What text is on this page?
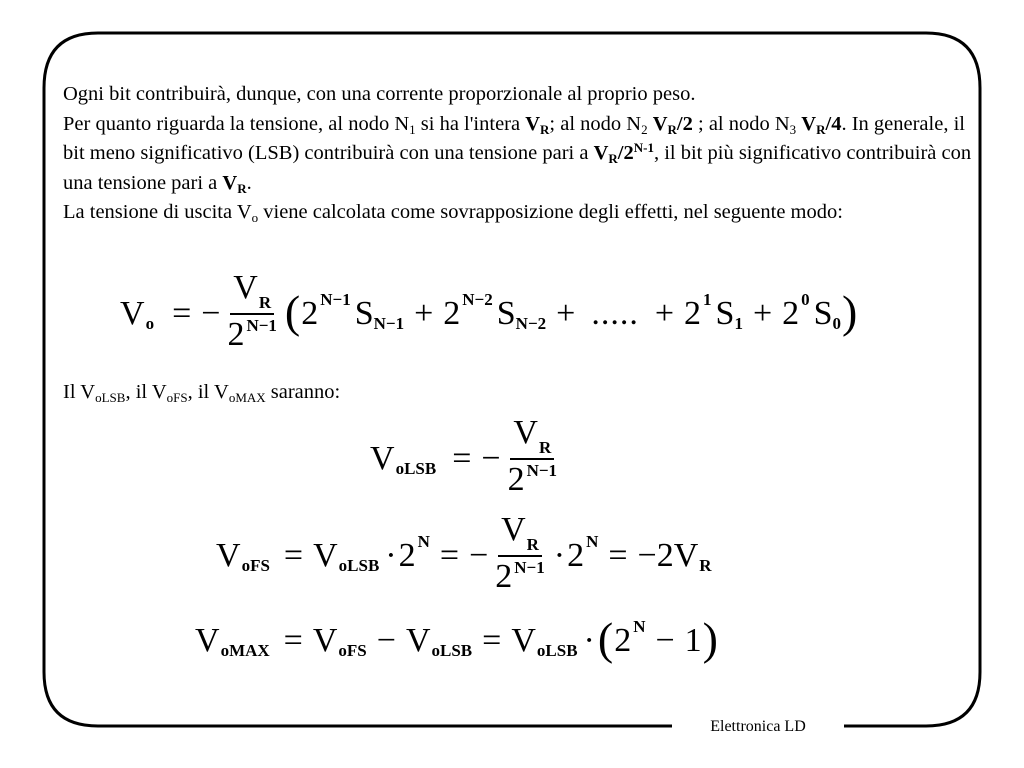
Elettronica LD

Ogni bit contribuirà, dunque, con una corrente proporzionale al proprio peso.

Per quanto riguarda la tensione, al nodo $N_1$ si ha l'intera $V_R$; al nodo $N_2$ $V_R/2$ ; al nodo $N_3$ $V_R/4$. In generale, il bit meno significativo (LSB) contribuirà con una tensione pari a $V_R/2^{N-1}$, il bit più significativo contribuirà con una tensione pari a $V_R$.

La tensione di uscita $V_o$ viene calcolata come sovrapposizione degli effetti, nel seguente modo:

V o = − $\frac{V_R}{2 ^{N-1}}$ ( 2 N−1 S N−1 + 2 N−2 S N−2 + ..... + 2 1 S 1 + 2 0 S 0 )

Il $V_{oLSB}$, il $V_{oFS}$, il $V_{oMAX}$ saranno:

V oLSB = − $\frac{V_R}{2 ^{N-1}}$
V oFS = V oLSB · 2 N = − $\frac{V_R}{2 ^{N-1}} \cdot 2$ N = −2V R
V oMAX = V oFS − V oLSB = V oLSB · ( 2 N − 1 )
